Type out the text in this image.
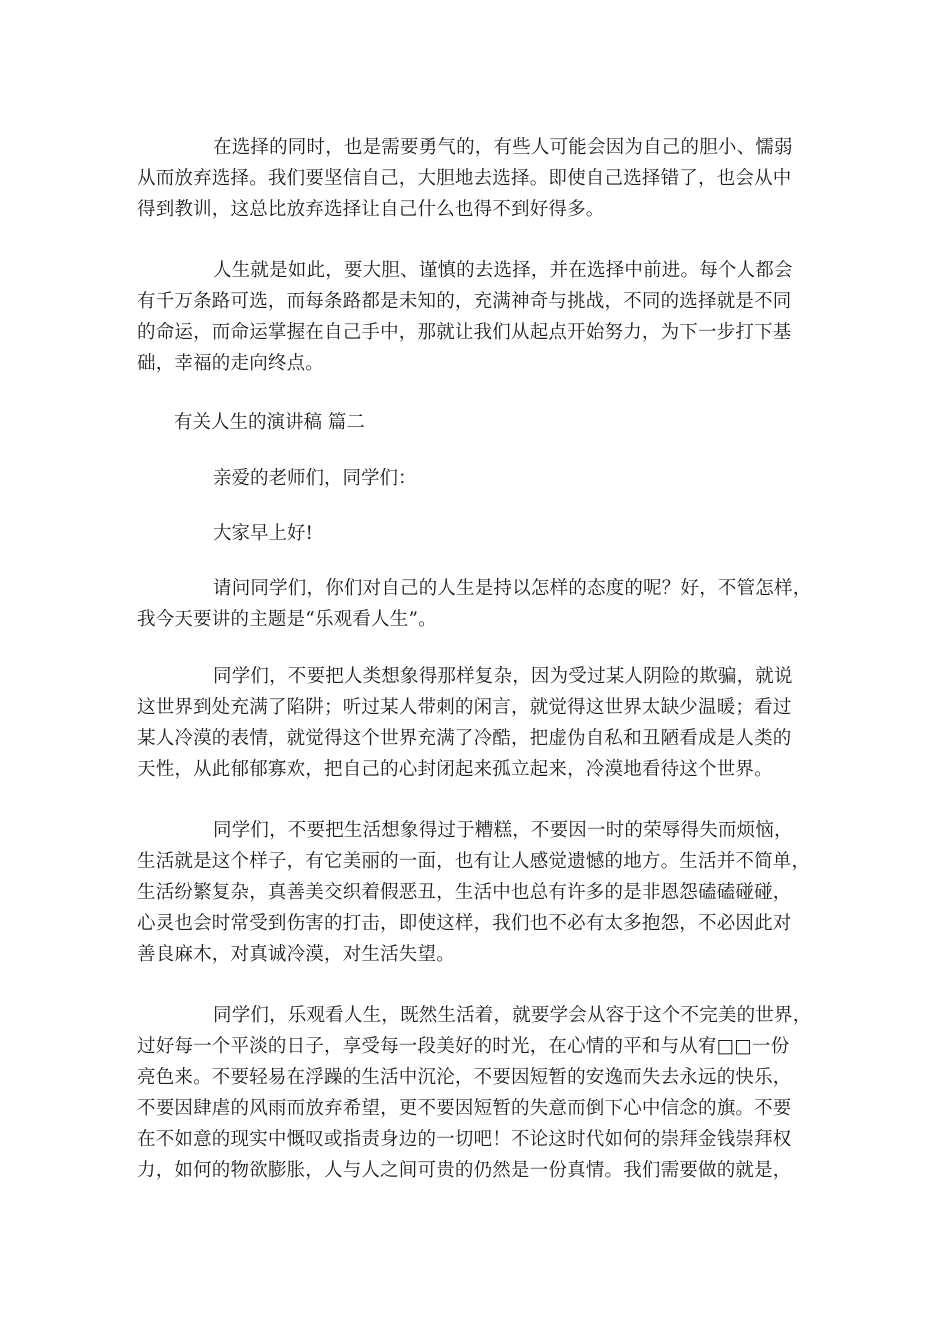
在选择的同时，也是需要勇气的，有些人可能会因为自己的胆小、懦弱
从而放弃选择。我们要坚信自己，大胆地去选择。即使自己选择错了，也会从中
得到教训，这总比放弃选择让自己什么也得不到好得多。
人生就是如此，要大胆、谨慎的去选择，并在选择中前进。每个人都会
有千万条路可选，而每条路都是未知的，充满神奇与挑战，不同的选择就是不同
的命运，而命运掌握在自己手中，那就让我们从起点开始努力，为下一步打下基
础，幸福的走向终点。
有关人生的演讲稿 篇二
亲爱的老师们，同学们：
大家早上好!
请问同学们，你们对自己的人生是持以怎样的态度的呢？好，不管怎样，
我今天要讲的主题是“乐观看人生”。
同学们，不要把人类想象得那样复杂，因为受过某人阴险的欺骗，就说
这世界到处充满了陷阱；听过某人带刺的闲言，就觉得这世界太缺少温暖；看过
某人冷漠的表情，就觉得这个世界充满了冷酷，把虚伪自私和丑陋看成是人类的
天性，从此郁郁寡欢，把自己的心封闭起来孤立起来，冷漠地看待这个世界。
同学们，不要把生活想象得过于糟糕，不要因一时的荣辱得失而烦恼，
生活就是这个样子，有它美丽的一面，也有让人感觉遗憾的地方。生活并不简单，
生活纷繁复杂，真善美交织着假恶丑，生活中也总有许多的是非恩怨磕磕碰碰，
心灵也会时常受到伤害的打击，即使这样，我们也不必有太多抱怨，不必因此对
善良麻木，对真诚冷漠，对生活失望。
同学们，乐观看人生，既然生活着，就要学会从容于这个不完美的世界，
过好每一个平淡的日子，享受每一段美好的时光，在心情的平和与从宥□□一份
亮色来。不要轻易在浮躁的生活中沉沦，不要因短暂的安逸而失去永远的快乐，
不要因肆虐的风雨而放弃希望，更不要因短暂的失意而倒下心中信念的旗。不要
在不如意的现实中慨叹或指责身边的一切吧！不论这时代如何的崇拜金钱崇拜权
力，如何的物欲膨胀，人与人之间可贵的仍然是一份真情。我们需要做的就是，
